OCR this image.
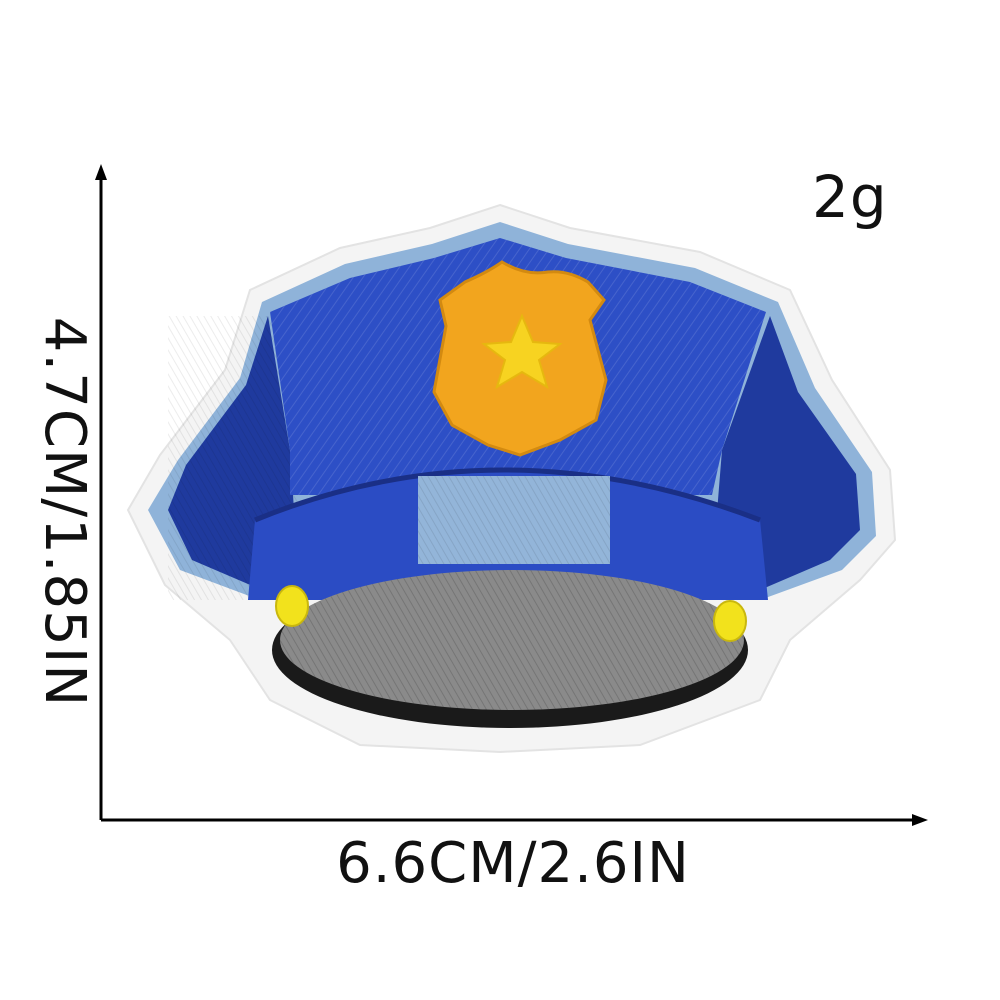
2g
6.6CM/2.6IN
4.7CM/1.85IN
